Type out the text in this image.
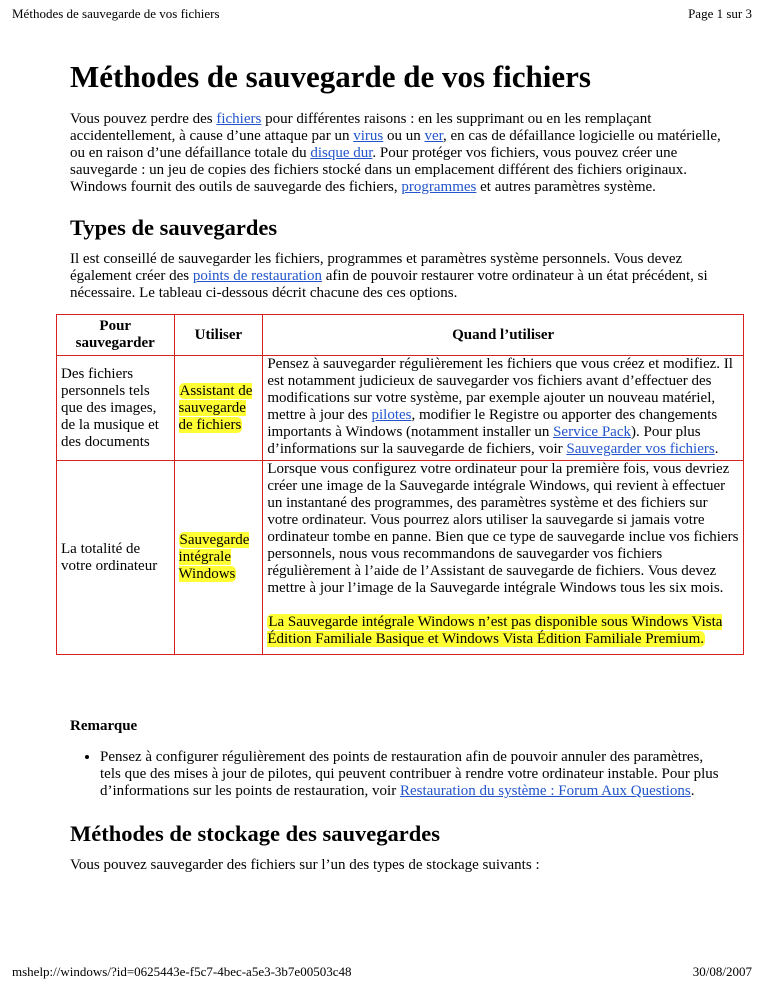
Méthodes de sauvegarde de vos fichiers	Page 1 sur 3
Méthodes de sauvegarde de vos fichiers

Vous pouvez perdre des fichiers pour différentes raisons : en les supprimant ou en les remplaçant accidentellement, à cause d’une attaque par un virus ou un ver, en cas de défaillance logicielle ou matérielle, ou en raison d’une défaillance totale du disque dur. Pour protéger vos fichiers, vous pouvez créer une sauvegarde : un jeu de copies des fichiers stocké dans un emplacement différent des fichiers originaux. Windows fournit des outils de sauvegarde des fichiers, programmes et autres paramètres système.

Types de sauvegardes

Il est conseillé de sauvegarder les fichiers, programmes et paramètres système personnels. Vous devez également créer des points de restauration afin de pouvoir restaurer votre ordinateur à un état précédent, si nécessaire. Le tableau ci-dessous décrit chacune des ces options.

Pour sauvegarder	Utiliser	Quand l’utiliser
Des fichiers personnels tels que des images, de la musique et des documents	Assistant de sauvegarde de fichiers	Pensez à sauvegarder régulièrement les fichiers que vous créez et modifiez. Il est notamment judicieux de sauvegarder vos fichiers avant d’effectuer des modifications sur votre système, par exemple ajouter un nouveau matériel, mettre à jour des pilotes, modifier le Registre ou apporter des changements importants à Windows (notamment installer un Service Pack). Pour plus d’informations sur la sauvegarde de fichiers, voir Sauvegarder vos fichiers.
La totalité de votre ordinateur	Sauvegarde intégrale Windows	Lorsque vous configurez votre ordinateur pour la première fois, vous devriez créer une image de la Sauvegarde intégrale Windows, qui revient à effectuer un instantané des programmes, des paramètres système et des fichiers sur votre ordinateur. Vous pourrez alors utiliser la sauvegarde si jamais votre ordinateur tombe en panne. Bien que ce type de sauvegarde inclue vos fichiers personnels, nous vous recommandons de sauvegarder vos fichiers régulièrement à l’aide de l’Assistant de sauvegarde de fichiers. Vous devez mettre à jour l’image de la Sauvegarde intégrale Windows tous les six mois.
La Sauvegarde intégrale Windows n’est pas disponible sous Windows Vista Édition Familiale Basique et Windows Vista Édition Familiale Premium.
Remarque
• Pensez à configurer régulièrement des points de restauration afin de pouvoir annuler des paramètres, tels que des mises à jour de pilotes, qui peuvent contribuer à rendre votre ordinateur instable. Pour plus d’informations sur les points de restauration, voir Restauration du système : Forum Aux Questions.
Méthodes de stockage des sauvegardes

Vous pouvez sauvegarder des fichiers sur l’un des types de stockage suivants :

mshelp://windows/?id=0625443e-f5c7-4bec-a5e3-3b7e00503c48	30/08/2007
